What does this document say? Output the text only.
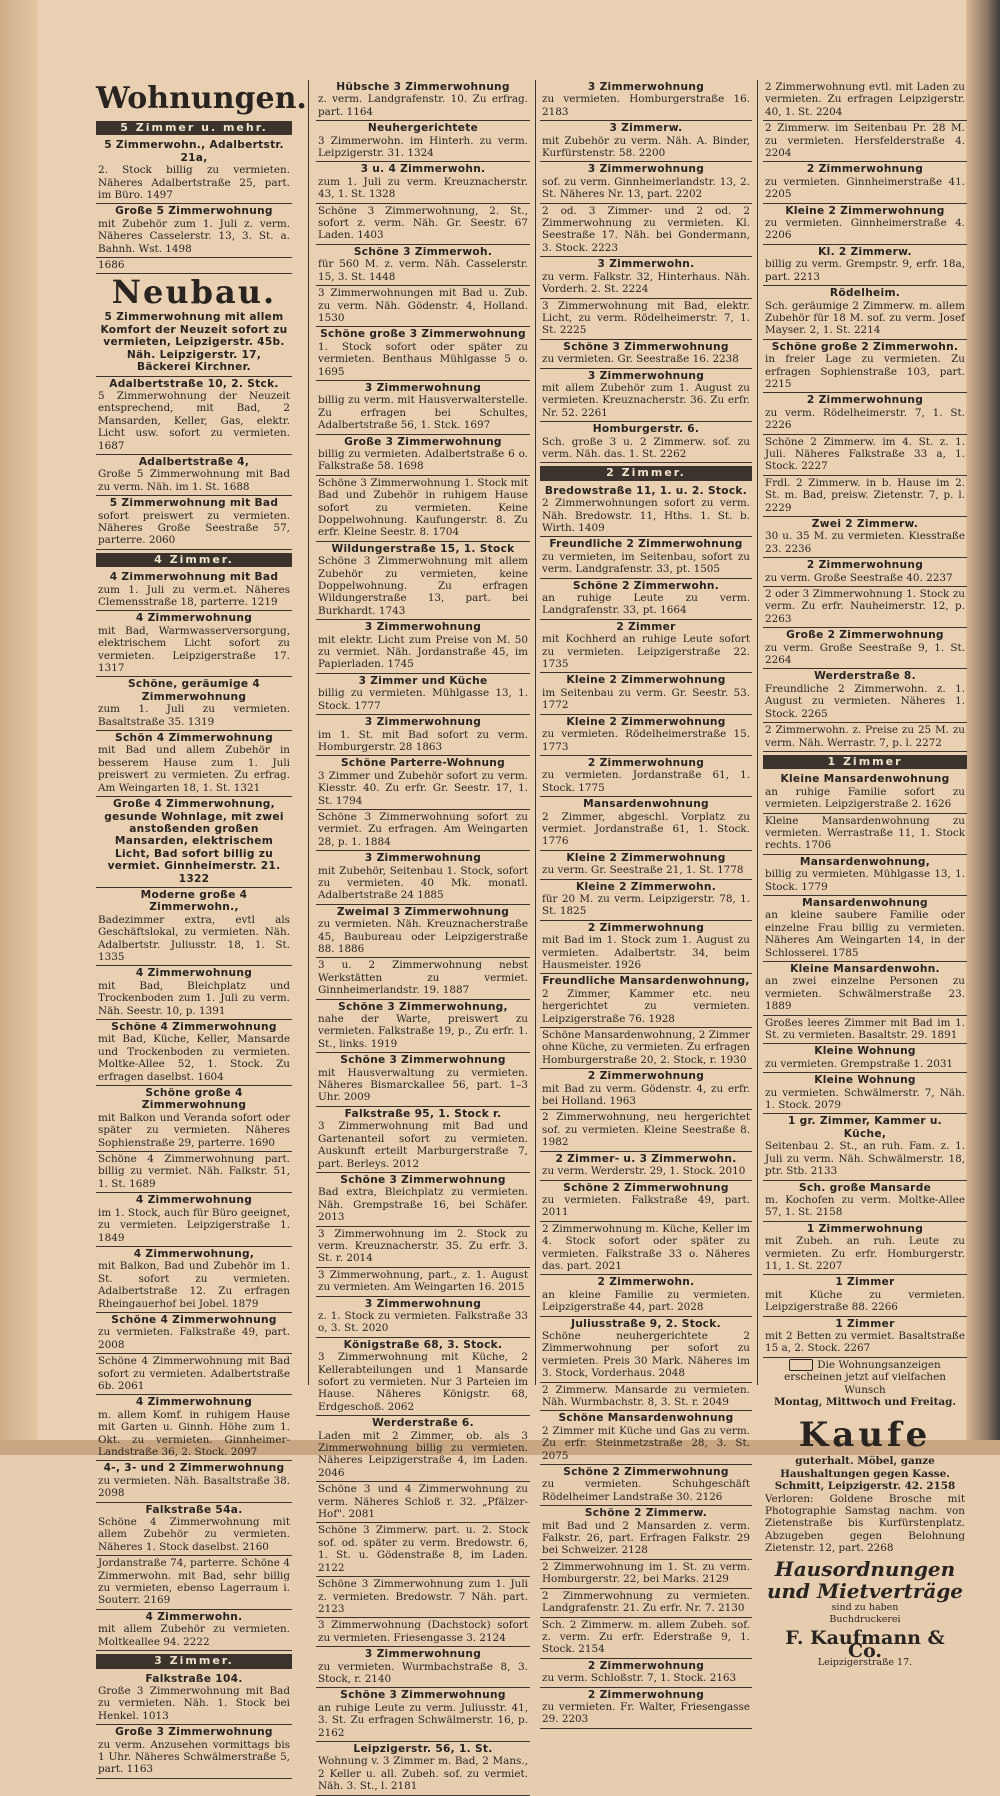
Wohnungen.
5 Zimmer u. mehr.
5 Zimmerwohn., Adalbertstr. 21a,
2. Stock billig zu vermieten. Näheres Adalbertstraße 25, part. im Büro. 1497
Große 5 Zimmerwohnung
mit Zubehör zum 1. Juli z. verm. Näheres Casselerstr. 13, 3. St. a. Bahnh. Wst. 1498
1686
Neubau.
5 Zimmerwohnung mit allem Komfort der Neuzeit sofort zu vermieten, Leipzigerstr. 45b. Näh. Leipzigerstr. 17, Bäckerei Kirchner.
Adalbertstraße 10, 2. Stck.
5 Zimmerwohnung der Neuzeit entsprechend, mit Bad, 2 Mansarden, Keller, Gas, elektr. Licht usw. sofort zu vermieten. 1687
Adalbertstraße 4,
Große 5 Zimmerwohnung mit Bad zu verm. Näh. im 1. St. 1688
5 Zimmerwohnung mit Bad
sofort preiswert zu vermieten. Näheres Große Seestraße 57, parterre. 2060
4 Zimmer.
4 Zimmerwohnung mit Bad
zum 1. Juli zu verm.et. Näheres Clemensstraße 18, parterre. 1219
4 Zimmerwohnung
mit Bad, Warmwasserversorgung, elektrischem Licht sofort zu vermieten. Leipzigerstraße 17. 1317
Schöne, geräumige 4 Zimmerwohnung
zum 1. Juli zu vermieten. Basaltstraße 35. 1319
Schön 4 Zimmerwohnung
mit Bad und allem Zubehör in besserem Hause zum 1. Juli preiswert zu vermieten. Zu erfrag. Am Weingarten 18, 1. St. 1321
Große 4 Zimmerwohnung, gesunde Wohnlage, mit zwei anstoßenden großen Mansarden, elektrischem Licht, Bad sofort billig zu vermiet. Ginnheimerstr. 21. 1322
Moderne große 4 Zimmerwohn.,
Badezimmer extra, evtl als Geschäftslokal, zu vermieten. Näh. Adalbertstr. Juliusstr. 18, 1. St. 1335
4 Zimmerwohnung
mit Bad, Bleichplatz und Trockenboden zum 1. Juli zu verm. Näh. Seestr. 10, p. 1391
Schöne 4 Zimmerwohnung
mit Bad, Küche, Keller, Mansarde und Trockenboden zu vermieten. Moltke-Allee 52, 1. Stock. Zu erfragen daselbst. 1604
Schöne große 4 Zimmerwohnung
mit Balkon und Veranda sofort oder später zu vermieten. Näheres Sophienstraße 29, parterre. 1690
Schöne 4 Zimmerwohnung part. billig zu vermiet. Näh. Falkstr. 51, 1. St. 1689
4 Zimmerwohnung
im 1. Stock, auch für Büro geeignet, zu vermieten. Leipzigerstraße 1. 1849
4 Zimmerwohnung,
mit Balkon, Bad und Zubehör im 1. St. sofort zu vermieten. Adalbertstraße 12. Zu erfragen Rheingauerhof bei Jobel. 1879
Schöne 4 Zimmerwohnung
zu vermieten. Falkstraße 49, part. 2008
Schöne 4 Zimmerwohnung mit Bad sofort zu vermieten. Adalbertstraße 6b. 2061
4 Zimmerwohnung
m. allem Komf. in ruhigem Hause mit Garten u. Ginnh. Höhe zum 1. Okt. zu vermieten. Ginnheimer-Landstraße 36, 2. Stock. 2097
4-, 3- und 2 Zimmerwohnung
zu vermieten. Näh. Basaltstraße 38. 2098
Falkstraße 54a.
Schöne 4 Zimmerwohnung mit allem Zubehör zu vermieten. Näheres 1. Stock daselbst. 2160
Jordanstraße 74, parterre. Schöne 4 Zimmerwohn. mit Bad, sehr billig zu vermieten, ebenso Lagerraum i. Souterr. 2169
4 Zimmerwohn.
mit allem Zubehör zu vermieten. Moltkeallee 94. 2222
3 Zimmer.
Falkstraße 104.
Große 3 Zimmerwohnung mit Bad zu vermieten. Näh. 1. Stock bei Henkel. 1013
Große 3 Zimmerwohnung
zu verm. Anzusehen vormittags bis 1 Uhr. Näheres Schwälmerstraße 5, part. 1163
Hübsche 3 Zimmerwohnung
z. verm. Landgrafenstr. 10. Zu erfrag. part. 1164
Neuhergerichtete
3 Zimmerwohn. im Hinterh. zu verm. Leipzigerstr. 31. 1324
3 u. 4 Zimmerwohn.
zum 1. Juli zu verm. Kreuznacherstr. 43, 1. St. 1328
Schöne 3 Zimmerwohnung, 2. St., sofort z. verm. Näh. Gr. Seestr. 67 Laden. 1403
Schöne 3 Zimmerwoh.
für 560 M. z. verm. Näh. Casselerstr. 15, 3. St. 1448
3 Zimmerwohnungen mit Bad u. Zub. zu verm. Näh. Gödenstr. 4, Holland. 1530
Schöne große 3 Zimmerwohnung
1. Stock sofort oder später zu vermieten. Benthaus Mühlgasse 5 o. 1695
3 Zimmerwohnung
billig zu verm. mit Hausverwalterstelle. Zu erfragen bei Schultes, Adalbertstraße 56, 1. Stck. 1697
Große 3 Zimmerwohnung
billig zu vermieten. Adalbertstraße 6 o. Falkstraße 58. 1698
Schöne 3 Zimmerwohnung 1. Stock mit Bad und Zubehör in ruhigem Hause sofort zu vermieten. Keine Doppelwohnung. Kaufungerstr. 8. Zu erfr. Kleine Seestr. 8. 1704
Wildungerstraße 15, 1. Stock
Schöne 3 Zimmerwohnung mit allem Zubehör zu vermieten, keine Doppelwohnung. Zu erfragen Wildungerstraße 13, part. bei Burkhardt. 1743
3 Zimmerwohnung
mit elektr. Licht zum Preise von M. 50 zu vermiet. Näh. Jordanstraße 45, im Papierladen. 1745
3 Zimmer und Küche
billig zu vermieten. Mühlgasse 13, 1. Stock. 1777
3 Zimmerwohnung
im 1. St. mit Bad sofort zu verm. Homburgerstr. 28 1863
Schöne Parterre-Wohnung
3 Zimmer und Zubehör sofort zu verm. Kiesstr. 40. Zu erfr. Gr. Seestr. 17, 1. St. 1794
Schöne 3 Zimmerwohnung sofort zu vermiet. Zu erfragen. Am Weingarten 28, p. 1. 1884
3 Zimmerwohnung
mit Zubehör, Seitenbau 1. Stock, sofort zu vermieten. 40 Mk. monatl. Adalbertstraße 24 1885
Zweimal 3 Zimmerwohnung
zu vermieten. Näh. Kreuznacherstraße 45, Baubureau oder Leipzigerstraße 88. 1886
3 u. 2 Zimmerwohnung nebst Werkstätten zu vermiet. Ginnheimerlandstr. 19. 1887
Schöne 3 Zimmerwohnung,
nahe der Warte, preiswert zu vermieten. Falkstraße 19, p., Zu erfr. 1. St., links. 1919
Schöne 3 Zimmerwohnung
mit Hausverwaltung zu vermieten. Näheres Bismarckallee 56, part. 1–3 Uhr. 2009
Falkstraße 95, 1. Stock r.
3 Zimmerwohnung mit Bad und Gartenanteil sofort zu vermieten. Auskunft erteilt Marburgerstraße 7, part. Berleys. 2012
Schöne 3 Zimmerwohnung
Bad extra, Bleichplatz zu vermieten. Näh. Grempstraße 16, bei Schäfer. 2013
3 Zimmerwohnung im 2. Stock zu verm. Kreuznacherstr. 35. Zu erfr. 3. St. r. 2014
3 Zimmerwohnung, part., z. 1. August zu vermieten. Am Weingarten 16. 2015
3 Zimmerwohnung
z. 1. Stock zu vermieten. Falkstraße 33 o, 3. St. 2020
Königstraße 68, 3. Stock.
3 Zimmerwohnung mit Küche, 2 Kellerabteilungen und 1 Mansarde sofort zu vermieten. Nur 3 Parteien im Hause. Näheres Königstr. 68, Erdgeschoß. 2062
Werderstraße 6.
Laden mit 2 Zimmer, ob. als 3 Zimmerwohnung billig zu vermieten. Näheres Leipzigerstraße 4, im Laden. 2046
Schöne 3 und 4 Zimmerwohnung zu verm. Näheres Schloß r. 32. „Pfälzer-Hof". 2081
Schöne 3 Zimmerw. part. u. 2. Stock sof. od. später zu verm. Bredowstr. 6, 1. St. u. Gödenstraße 8, im Laden. 2122
Schöne 3 Zimmerwohnung zum 1. Juli z. vermieten. Bredowstr. 7 Näh. part. 2123
3 Zimmerwohnung (Dachstock) sofort zu vermieten. Friesengasse 3. 2124
3 Zimmerwohnung
zu vermieten. Wurmbachstraße 8, 3. Stock, r. 2140
Schöne 3 Zimmerwohnung
an ruhige Leute zu verm. Juliusstr. 41, 3. St. Zu erfragen Schwälmerstr. 16, p. 2162
Leipzigerstr. 56, 1. St.
Wohnung v. 3 Zimmer m. Bad, 2 Mans., 2 Keller u. all. Zubeh. sof. zu vermiet. Näh. 3. St., l. 2181
3 Zimmerwohnung
zu vermieten. Homburgerstraße 16. 2183
3 Zimmerw.
mit Zubehör zu verm. Näh. A. Binder, Kurfürstenstr. 58. 2200
3 Zimmerwohnung
sof. zu verm. Ginnheimerlandstr. 13, 2. St. Näheres Nr. 13, part. 2202
2 od. 3 Zimmer- und 2 od. 2 Zimmerwohnung zu vermieten. Kl. Seestraße 17. Näh. bei Gondermann, 3. Stock. 2223
3 Zimmerwohn.
zu verm. Falkstr. 32, Hinterhaus. Näh. Vorderh. 2. St. 2224
3 Zimmerwohnung mit Bad, elektr. Licht, zu verm. Rödelheimerstr. 7, 1. St. 2225
Schöne 3 Zimmerwohnung
zu vermieten. Gr. Seestraße 16. 2238
3 Zimmerwohnung
mit allem Zubehör zum 1. August zu vermieten. Kreuznacherstr. 36. Zu erfr. Nr. 52. 2261
Homburgerstr. 6.
Sch. große 3 u. 2 Zimmerw. sof. zu verm. Näh. das. 1. St. 2262
2 Zimmer.
Bredowstraße 11, 1. u. 2. Stock.
2 Zimmerwohnungen sofort zu verm. Näh. Bredowstr. 11, Hths. 1. St. b. Wirth. 1409
Freundliche 2 Zimmerwohnung
zu vermieten, im Seitenbau, sofort zu verm. Landgrafenstr. 33, pt. 1505
Schöne 2 Zimmerwohn.
an ruhige Leute zu verm. Landgrafenstr. 33, pt. 1664
2 Zimmer
mit Kochherd an ruhige Leute sofort zu vermieten. Leipzigerstraße 22. 1735
Kleine 2 Zimmerwohnung
im Seitenbau zu verm. Gr. Seestr. 53. 1772
Kleine 2 Zimmerwohnung
zu vermieten. Rödelheimerstraße 15. 1773
2 Zimmerwohnung
zu vermieten. Jordanstraße 61, 1. Stock. 1775
Mansardenwohnung
2 Zimmer, abgeschl. Vorplatz zu vermiet. Jordanstraße 61, 1. Stock. 1776
Kleine 2 Zimmerwohnung
zu verm. Gr. Seestraße 21, 1. St. 1778
Kleine 2 Zimmerwohn.
für 20 M. zu verm. Leipzigerstr. 78, 1. St. 1825
2 Zimmerwohnung
mit Bad im 1. Stock zum 1. August zu vermieten. Adalbertstr. 34, beim Hausmeister. 1926
Freundliche Mansardenwohnung,
2 Zimmer, Kammer etc. neu hergerichtet zu vermieten. Leipzigerstraße 76. 1928
Schöne Mansardenwohnung, 2 Zimmer ohne Küche, zu vermieten. Zu erfragen Homburgerstraße 20, 2. Stock, r. 1930
2 Zimmerwohnung
mit Bad zu verm. Gödenstr. 4, zu erfr. bei Holland. 1963
2 Zimmerwohnung, neu hergerichtet sof. zu vermieten. Kleine Seestraße 8. 1982
2 Zimmer- u. 3 Zimmerwohn.
zu verm. Werderstr. 29, 1. Stock. 2010
Schöne 2 Zimmerwohnung
zu vermieten. Falkstraße 49, part. 2011
2 Zimmerwohnung m. Küche, Keller im 4. Stock sofort oder später zu vermieten. Falkstraße 33 o. Näheres das. part. 2021
2 Zimmerwohn.
an kleine Familie zu vermieten. Leipzigerstraße 44, part. 2028
Juliusstraße 9, 2. Stock.
Schöne neuhergerichtete 2 Zimmerwohnung per sofort zu vermieten. Preis 30 Mark. Näheres im 3. Stock, Vorderhaus. 2048
2 Zimmerw. Mansarde zu vermieten. Näh. Wurmbachstr. 8, 3. St. r. 2049
Schöne Mansardenwohnung
2 Zimmer mit Küche und Gas zu verm. Zu erfr. Steinmetzstraße 28, 3. St. 2075
Schöne 2 Zimmerwohnung
zu vermieten. Schuhgeschäft Rödelheimer Landstraße 30. 2126
Schöne 2 Zimmerw.
mit Bad und 2 Mansarden z. verm. Falkstr. 26, part. Erfragen Falkstr. 29 bei Schweizer. 2128
2 Zimmerwohnung im 1. St. zu verm. Homburgerstr. 22, bei Marks. 2129
2 Zimmerwohnung zu vermieten. Landgrafenstr. 21. Zu erfr. Nr. 7. 2130
Sch. 2 Zimmerw. m. allem Zubeh. sof. z. verm. Zu erfr. Ederstraße 9, 1. Stock. 2154
2 Zimmerwohnung
zu verm. Schloßstr. 7, 1. Stock. 2163
2 Zimmerwohnung
zu vermieten. Fr. Walter, Friesengasse 29. 2203
2 Zimmerwohnung evtl. mit Laden zu vermieten. Zu erfragen Leipzigerstr. 40, 1. St. 2204
2 Zimmerw. im Seitenbau Pr. 28 M. zu vermieten. Hersfelderstraße 4. 2204
2 Zimmerwohnung
zu vermieten. Ginnheimerstraße 41. 2205
Kleine 2 Zimmerwohnung
zu vermieten. Ginnheimerstraße 4. 2206
Kl. 2 Zimmerw.
billig zu verm. Grempstr. 9, erfr. 18a, part. 2213
Rödelheim.
Sch. geräumige 2 Zimmerw. m. allem Zubehör für 18 M. sof. zu verm. Josef Mayser. 2, 1. St. 2214
Schöne große 2 Zimmerwohn.
in freier Lage zu vermieten. Zu erfragen Sophienstraße 103, part. 2215
2 Zimmerwohnung
zu verm. Rödelheimerstr. 7, 1. St. 2226
Schöne 2 Zimmerw. im 4. St. z. 1. Juli. Näheres Falkstraße 33 a, 1. Stock. 2227
Frdl. 2 Zimmerw. in b. Hause im 2. St. m. Bad, preisw. Zietenstr. 7, p. l. 2229
Zwei 2 Zimmerw.
30 u. 35 M. zu vermieten. Kiesstraße 23. 2236
2 Zimmerwohnung
zu verm. Große Seestraße 40. 2237
2 oder 3 Zimmerwohnung 1. Stock zu verm. Zu erfr. Nauheimerstr. 12, p. 2263
Große 2 Zimmerwohnung
zu verm. Große Seestraße 9, 1. St. 2264
Werderstraße 8.
Freundliche 2 Zimmerwohn. z. 1. August zu vermieten. Näheres 1. Stock. 2265
2 Zimmerwohn. z. Preise zu 25 M. zu verm. Näh. Werrastr. 7, p. l. 2272
1 Zimmer
Kleine Mansardenwohnung
an ruhige Familie sofort zu vermieten. Leipzigerstraße 2. 1626
Kleine Mansardenwohnung zu vermieten. Werrastraße 11, 1. Stock rechts. 1706
Mansardenwohnung,
billig zu vermieten. Mühlgasse 13, 1. Stock. 1779
Mansardenwohnung
an kleine saubere Familie oder einzelne Frau billig zu vermieten. Näheres Am Weingarten 14, in der Schlosserei. 1785
Kleine Mansardenwohn.
an zwei einzelne Personen zu vermieten. Schwälmerstraße 23. 1889
Großes leeres Zimmer mit Bad im 1. St. zu vermieten. Basaltstr. 29. 1891
Kleine Wohnung
zu vermieten. Grempstraße 1. 2031
Kleine Wohnung
zu vermieten. Schwälmerstr. 7, Näh. 1. Stock. 2079
1 gr. Zimmer, Kammer u. Küche,
Seitenbau 2. St., an ruh. Fam. z. 1. Juli zu verm. Näh. Schwälmerstr. 18, ptr. Stb. 2133
Sch. große Mansarde
m. Kochofen zu verm. Moltke-Allee 57, 1. St. 2158
1 Zimmerwohnung
mit Zubeh. an ruh. Leute zu vermieten. Zu erfr. Homburgerstr. 11, 1. St. 2207
1 Zimmer
mit Küche zu vermieten. Leipzigerstraße 88. 2266
1 Zimmer
mit 2 Betten zu vermiet. Basaltstraße 15 a, 2. Stock. 2267
Die Wohnungsanzeigen
erscheinen jetzt auf vielfachen Wunsch
Montag, Mittwoch und Freitag.
Kaufe
guterhalt. Möbel, ganze Haushaltungen gegen Kasse. Schmitt, Leipzigerstr. 42. 2158
Verloren: Goldene Brosche mit Photographie Samstag nachm. von Zietenstraße bis Kurfürstenplatz. Abzugeben gegen Belohnung Zietenstr. 12, part. 2268
Hausordnungen und Mietverträge
sind zu haben
Buchdruckerei
F. Kaufmann & Co.
Leipzigerstraße 17.
